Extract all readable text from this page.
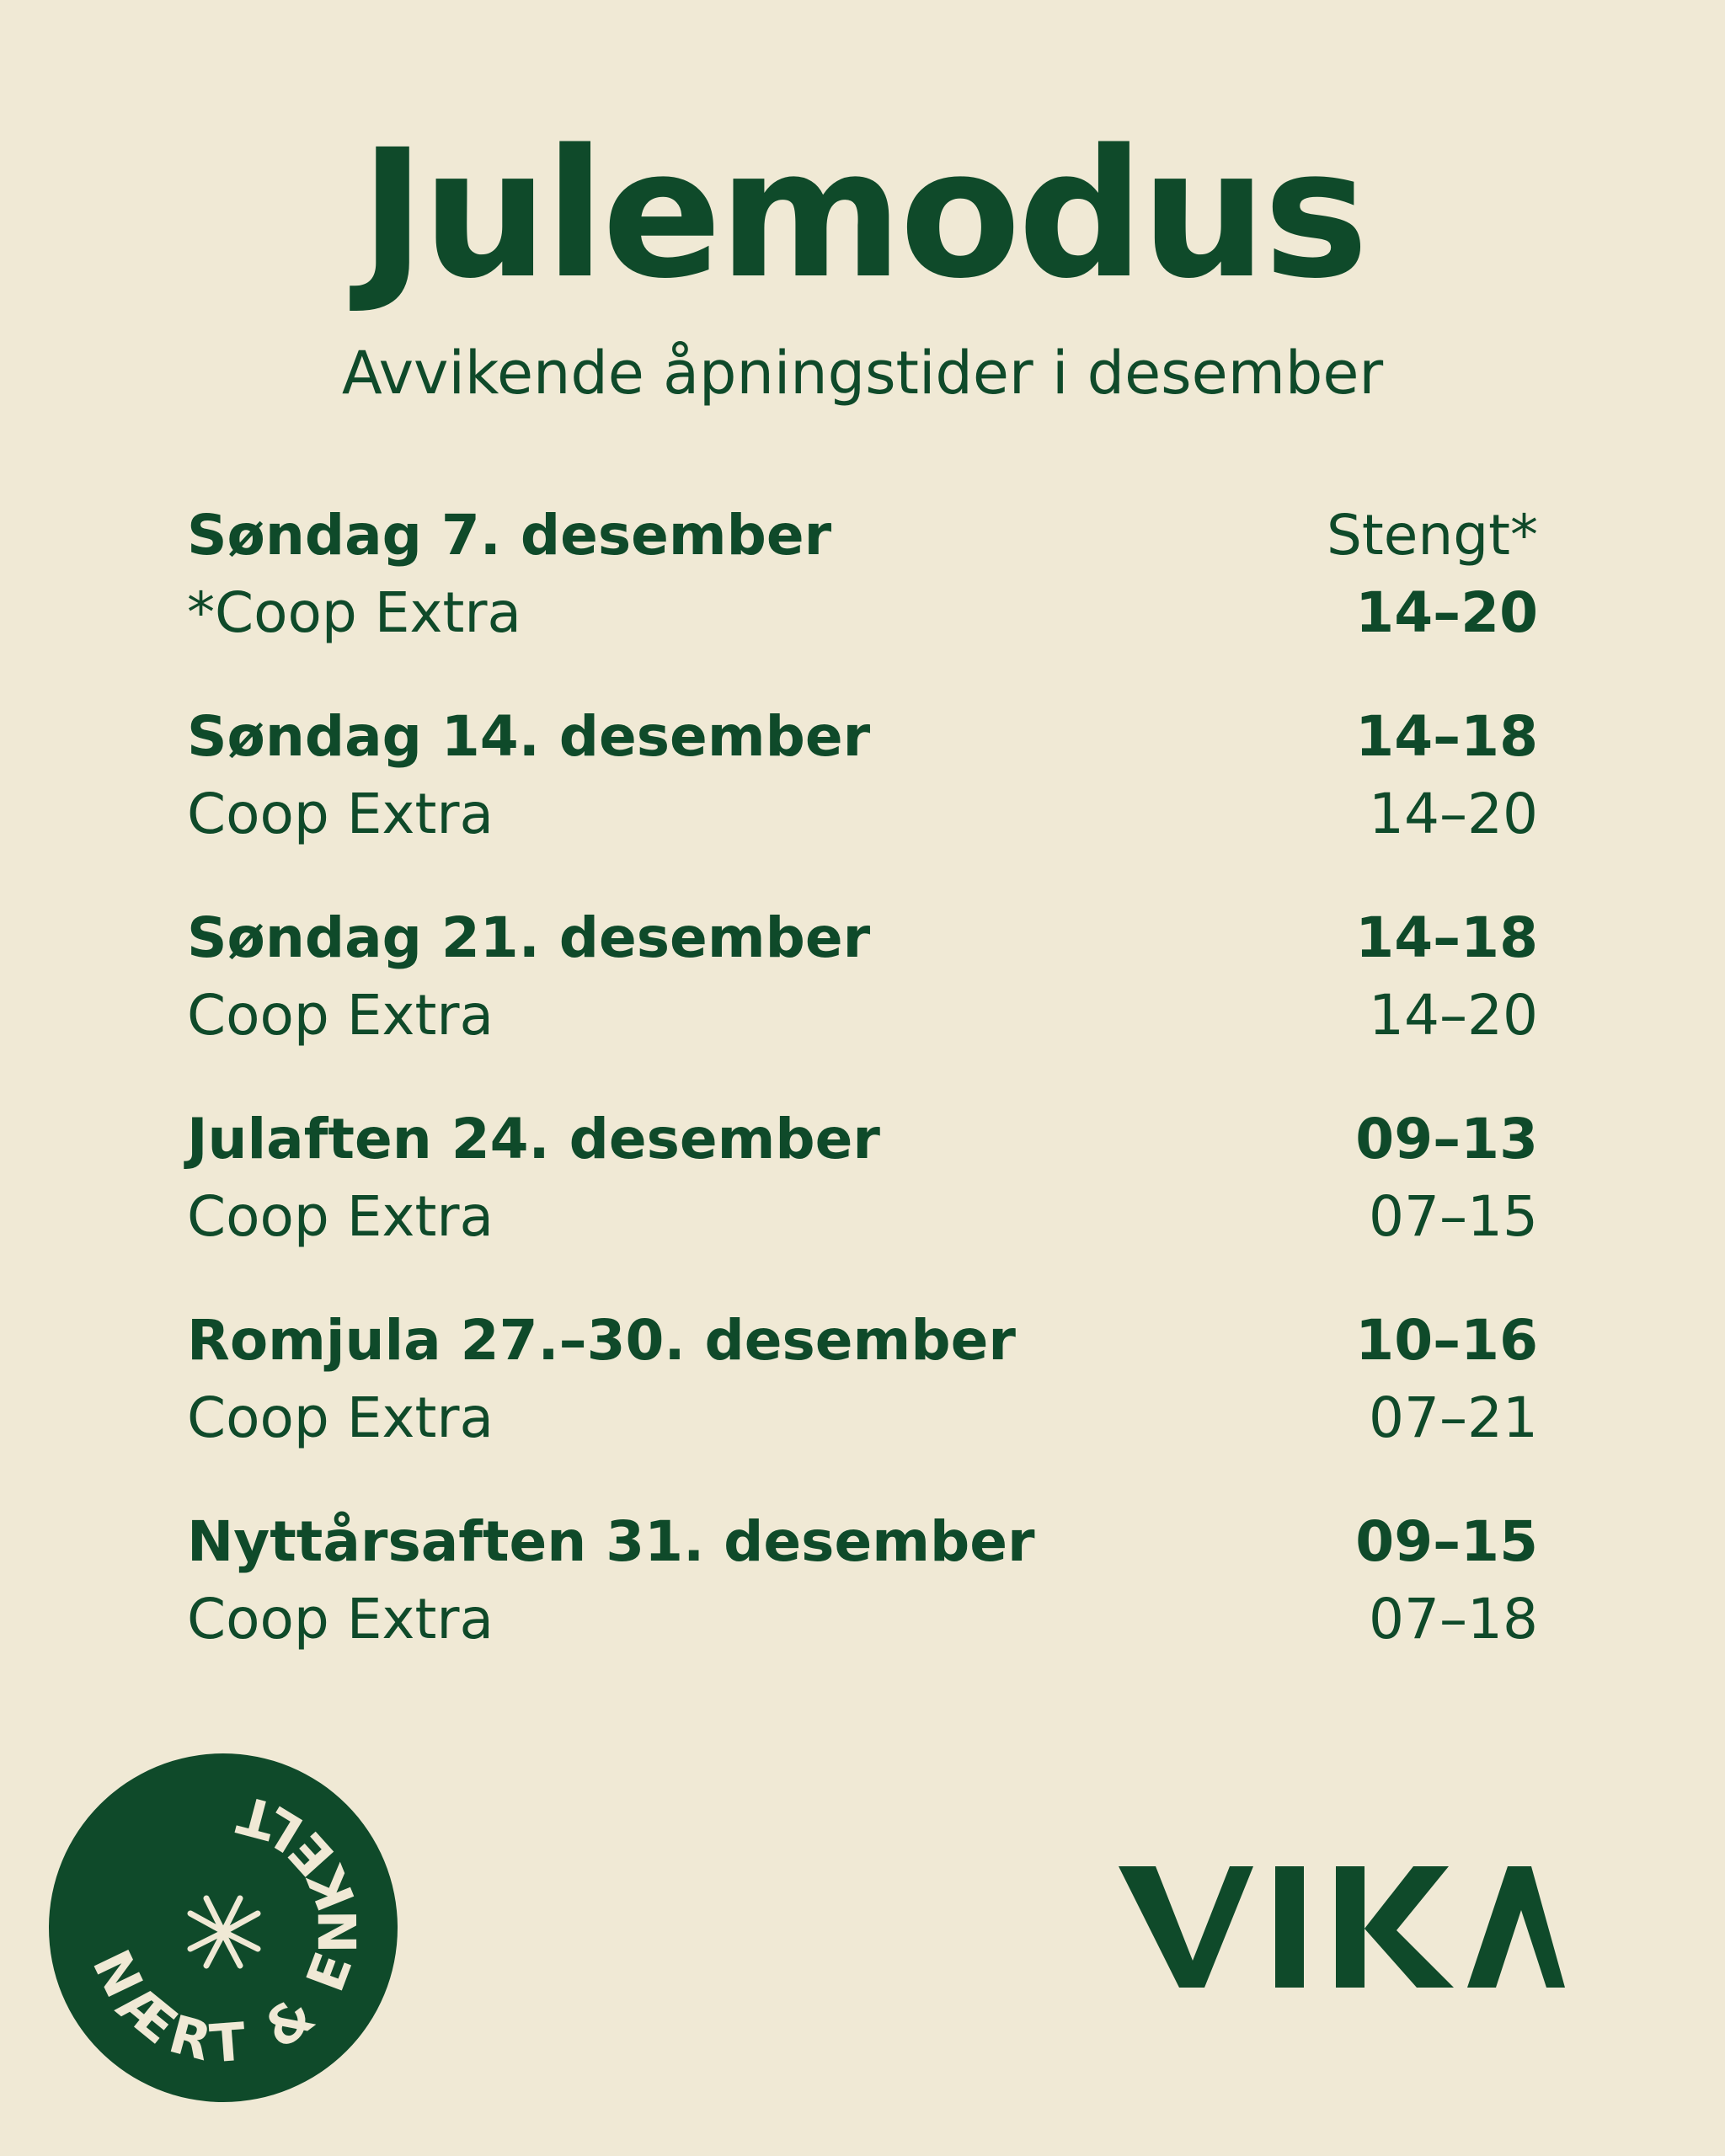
Julemodus
Avvikende åpningstider i desember
Søndag 7. desember	Stengt*
*Coop Extra	14–20
Søndag 14. desember	14–18
Coop Extra	14–20
Søndag 21. desember	14–18
Coop Extra	14–20
Julaften 24. desember	09–13
Coop Extra	07–15
Romjula 27.–30. desember	10–16
Coop Extra	07–21
Nyttårsaften 31. desember	09–15
Coop Extra	07–18
NÆRT & ENKELT
